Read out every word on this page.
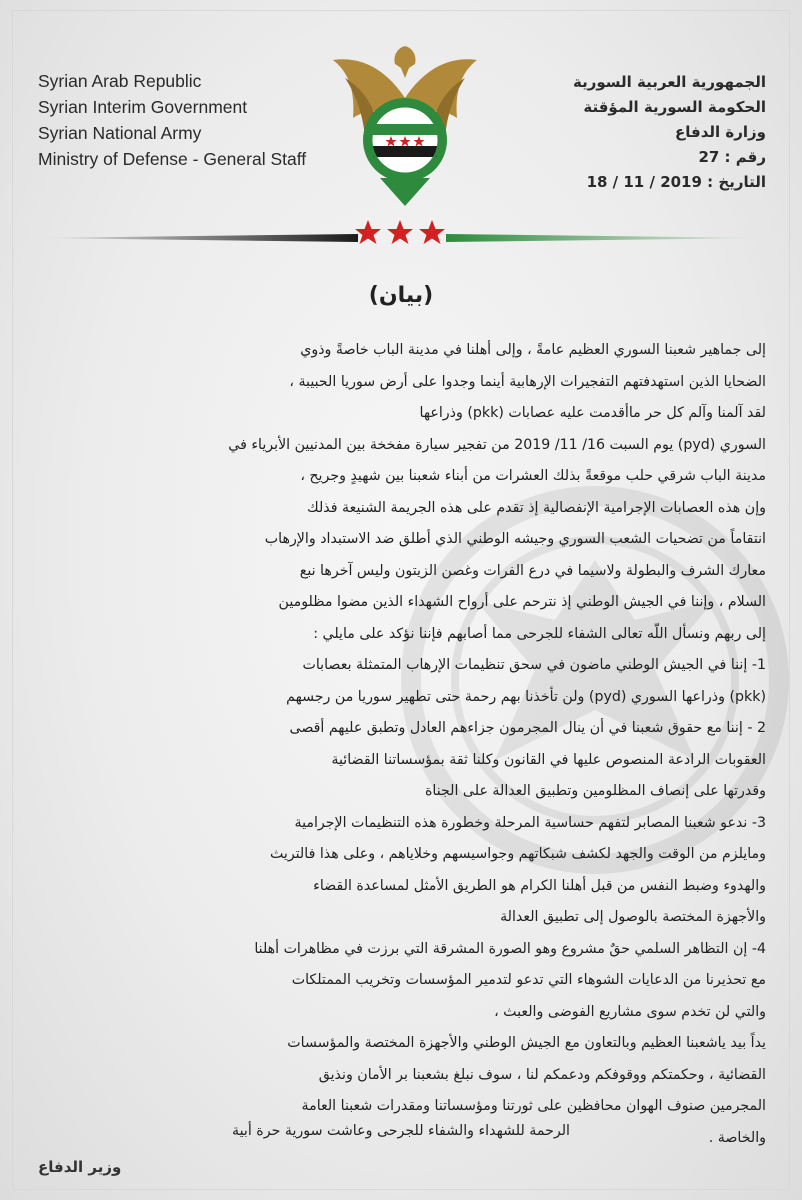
Syrian Arab Republic
Syrian Interim Government
Syrian National Army
Ministry of Defense - General Staff
الجمهورية العربية السورية
الحكومة السورية المؤقتة
وزارة الدفاع
رقم : 27
التاريخ : 2019 / 11 / 18
(بيان)

إلى جماهير شعبنا السوري العظيم عامةً ، وإلى أهلنا في مدينة الباب خاصةً وذوي

الضحايا الذين استهدفتهم التفجيرات الإرهابية أينما وجدوا على أرض سوريا الحبيبة ،

لقد آلمنا وآلم كل حر ماأقدمت عليه عصابات (pkk) وذراعها

السوري (pyd) يوم السبت 16/ 11/ 2019 من تفجير سيارة مفخخة بين المدنيين الأبرياء في

مدينة الباب شرقي حلب موقعةً بذلك العشرات من أبناء شعبنا بين شهيدٍ وجريح ،

وإن هذه العصابات الإجرامية الإنفصالية إذ تقدم على هذه الجريمة الشنيعة فذلك

انتقاماً من تضحيات الشعب السوري وجيشه الوطني الذي أطلق ضد الاستبداد والإرهاب

معارك الشرف والبطولة ولاسيما في درع الفرات وغصن الزيتون وليس آخرها نبع

السلام ، وإننا في الجيش الوطني إذ نترحم على أرواح الشهداء الذين مضوا مظلومين

إلى ربهم ونسأل اللّه تعالى الشفاء للجرحى مما أصابهم فإننا نؤكد على مايلي :

1- إننا في الجيش الوطني ماضون في سحق تنظيمات الإرهاب المتمثلة بعصابات

(pkk) وذراعها السوري (pyd) ولن تأخذنا بهم رحمة حتى تطهير سوريا من رجسهم

2 - إننا مع حقوق شعبنا في أن ينال المجرمون جزاءهم العادل وتطبق عليهم أقصى

العقوبات الرادعة المنصوص عليها في القانون وكلنا ثقة بمؤسساتنا القضائية

وقدرتها على إنصاف المظلومين وتطبيق العدالة على الجناة

3- ندعو شعبنا المصابر لتفهم حساسية المرحلة وخطورة هذه التنظيمات الإجرامية

ومايلزم من الوقت والجهد لكشف شبكاتهم وجواسيسهم وخلاياهم ، وعلى هذا فالتريث

والهدوء وضبط النفس من قبل أهلنا الكرام هو الطريق الأمثل لمساعدة القضاء

والأجهزة المختصة بالوصول إلى تطبيق العدالة

4- إن التظاهر السلمي حقٌ مشروع وهو الصورة المشرقة التي برزت في مظاهرات أهلنا

مع تحذيرنا من الدعايات الشوهاء التي تدعو لتدمير المؤسسات وتخريب الممتلكات

والتي لن تخدم سوى مشاريع الفوضى والعبث ،

يداً بيد ياشعبنا العظيم وبالتعاون مع الجيش الوطني والأجهزة المختصة والمؤسسات

القضائية ، وحكمتكم ووقوفكم ودعمكم لنا ، سوف نبلغ بشعبنا بر الأمان ونذيق

المجرمين صنوف الهوان محافظين على ثورتنا ومؤسساتنا ومقدرات شعبنا العامة

والخاصة .

الرحمة للشهداء والشفاء للجرحى وعاشت سورية حرة أبية
وزير الدفاع
